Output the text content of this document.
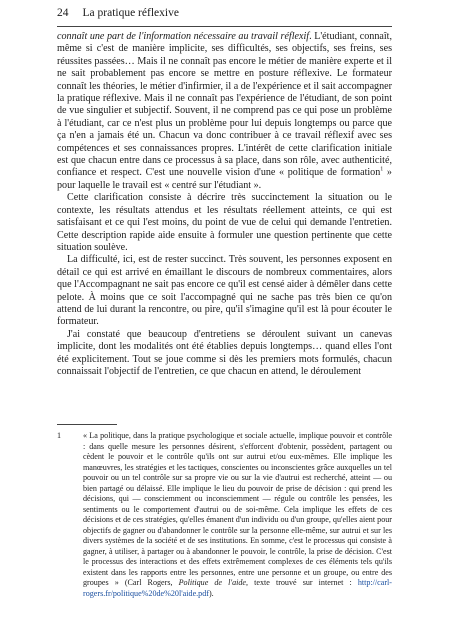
24 La pratique réflexive

connaît une part de l'information nécessaire au travail réflexif. L'étudiant, connaît, même si c'est de manière implicite, ses difficultés, ses objectifs, ses freins, ses réussites passées… Mais il ne connaît pas encore le métier de manière experte et il ne sait probablement pas encore se mettre en posture réflexive. Le formateur connaît les théories, le métier d'infirmier, il a de l'expérience et il sait accompagner la pratique réflexive. Mais il ne connaît pas l'expérience de l'étudiant, de son point de vue singulier et subjectif. Souvent, il ne comprend pas ce qui pose un problème à l'étudiant, car ce n'est plus un problème pour lui depuis longtemps ou parce que ça n'en a jamais été un. Chacun va donc contribuer à ce travail réflexif avec ses compétences et ses connaissances propres. L'intérêt de cette clarification initiale est que chacun entre dans ce processus à sa place, dans son rôle, avec authenticité, confiance et respect. C'est une nouvelle vision d'une « politique de formation$^1$ » pour laquelle le travail est « centré sur l'étudiant ».

Cette clarification consiste à décrire très succinctement la situation ou le contexte, les résultats attendus et les résultats réellement atteints, ce qui est satisfaisant et ce qui l'est moins, du point de vue de celui qui demande l'entretien. Cette description rapide aide ensuite à formuler une question pertinente que cette situation soulève.

La difficulté, ici, est de rester succinct. Très souvent, les personnes exposent en détail ce qui est arrivé en émaillant le discours de nombreux commentaires, alors que l'Accompagnant ne sait pas encore ce qu'il est censé aider à démêler dans cette pelote. À moins que ce soit l'accompagné qui ne sache pas très bien ce qu'on attend de lui durant la rencontre, ou pire, qu'il s'imagine qu'il est là pour écouter le formateur.

J'ai constaté que beaucoup d'entretiens se déroulent suivant un canevas implicite, dont les modalités ont été établies depuis longtemps… quand elles l'ont été explicitement. Tout se joue comme si dès les premiers mots formulés, chacun connaissait l'objectif de l'entretien, ce que chacun en attend, le déroulement

1	« La politique, dans la pratique psychologique et sociale actuelle, implique pouvoir et contrôle : dans quelle mesure les personnes désirent, s'efforcent d'obtenir, possèdent, partagent ou cèdent le pouvoir et le contrôle qu'ils ont sur autrui et/ou eux-mêmes. Elle implique les manœuvres, les stratégies et les tactiques, conscientes ou inconscientes grâce auxquelles un tel pouvoir ou un tel contrôle sur sa propre vie ou sur la vie d'autrui est recherché, atteint — ou bien partagé ou délaissé. Elle implique le lieu du pouvoir de prise de décision : qui prend les décisions, qui — consciemment ou inconsciemment — régule ou contrôle les pensées, les sentiments ou le comportement d'autrui ou de soi-même. Cela implique les effets de ces décisions et de ces stratégies, qu'elles émanent d'un individu ou d'un groupe, qu'elles aient pour objectifs de gagner ou d'abandonner le contrôle sur la personne elle-même, sur autrui et sur les divers systèmes de la société et de ses institutions. En somme, c'est le processus qui consiste à gagner, à utiliser, à partager ou à abandonner le pouvoir, le contrôle, la prise de décision. C'est le processus des interactions et des effets extrêmement complexes de ces éléments tels qu'ils existent dans les rapports entre les personnes, entre une personne et un groupe, ou entre des groupes » (Carl Rogers, Politique de l'aide, texte trouvé sur internet : http://carl-rogers.fr/politique%20de%20l'aide.pdf).
